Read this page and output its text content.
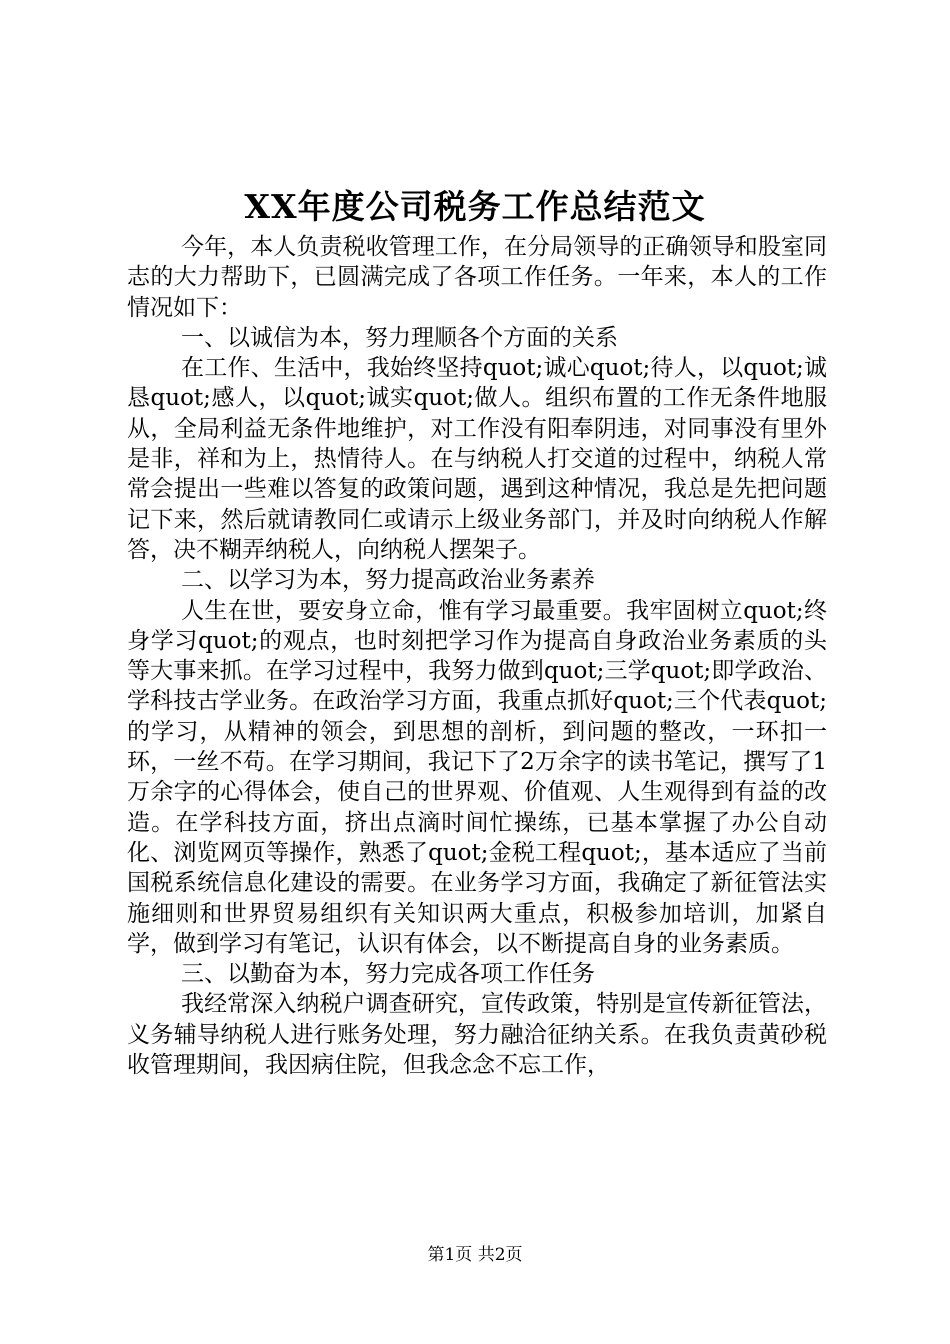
XX年度公司税务工作总结范文

今年，本人负责税收管理工作，在分局领导的正确领导和股室同志的大力帮助下，已圆满完成了各项工作任务。一年来，本人的工作情况如下：

一、以诚信为本，努力理顺各个方面的关系

在工作、生活中，我始终坚持quot;诚心quot;待人，以quot;诚恳quot;感人，以quot;诚实quot;做人。组织布置的工作无条件地服从，全局利益无条件地维护，对工作没有阳奉阴违，对同事没有里外是非，祥和为上，热情待人。在与纳税人打交道的过程中，纳税人常常会提出一些难以答复的政策问题，遇到这种情况，我总是先把问题记下来，然后就请教同仁或请示上级业务部门，并及时向纳税人作解答，决不糊弄纳税人，向纳税人摆架子。

二、以学习为本，努力提高政治业务素养

人生在世，要安身立命，惟有学习最重要。我牢固树立quot;终身学习quot;的观点，也时刻把学习作为提高自身政治业务素质的头等大事来抓。在学习过程中，我努力做到quot;三学quot;即学政治、学科技古学业务。在政治学习方面，我重点抓好quot;三个代表quot;的学习，从精神的领会，到思想的剖析，到问题的整改，一环扣一环，一丝不苟。在学习期间，我记下了2万余字的读书笔记，撰写了1万余字的心得体会，使自己的世界观、价值观、人生观得到有益的改造。在学科技方面，挤出点滴时间忙操练，已基本掌握了办公自动化、浏览网页等操作，熟悉了quot;金税工程quot;，基本适应了当前国税系统信息化建设的需要。在业务学习方面，我确定了新征管法实施细则和世界贸易组织有关知识两大重点，积极参加培训，加紧自学，做到学习有笔记，认识有体会，以不断提高自身的业务素质。

三、以勤奋为本，努力完成各项工作任务

我经常深入纳税户调查研究，宣传政策，特别是宣传新征管法，义务辅导纳税人进行账务处理，努力融洽征纳关系。在我负责黄砂税收管理期间，我因病住院，但我念念不忘工作，

第1页 共2页
